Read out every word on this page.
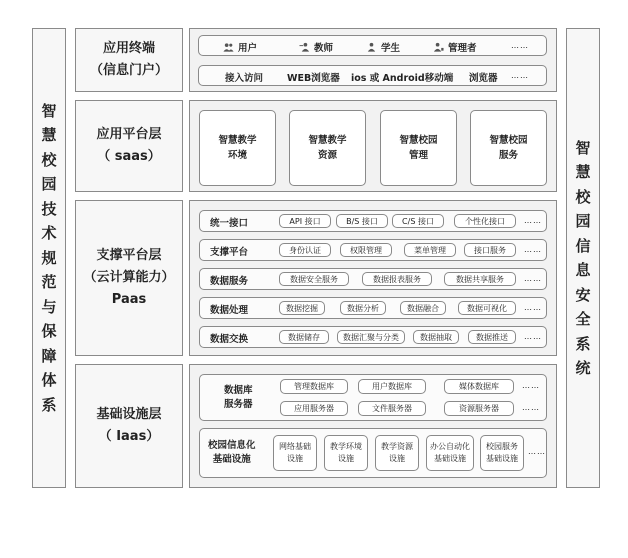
智
慧
校
园
技
术
规
范
与
保
障
体
系
智
慧
校
园
信
息
安
全
系
统
应用终端
（信息门户）
用户	教师	学生	管理者	……
接入访问	WEB浏览器 ios 或 Android移动端 浏览器 ……
应用平台层
（ saas）
智慧教学
环境
智慧教学
资源
智慧校园
管理
智慧校园
服务
支撑平台层
（云计算能力）
Paas
统一接口	API 接口	B/S 接口	C/S 接口	个性化接口	……
支撑平台	身份认证	权限管理	菜单管理	接口服务	……
数据服务	数据安全服务	数据报表服务	数据共享服务	……
数据处理	数据挖掘	数据分析	数据融合	数据可视化	……
数据交换	数据储存	数据汇聚与分类	数据抽取	数据推送	……
基础设施层
（ Iaas）
数据库
服务器
管理数据库	用户数据库	媒体数据库	……
应用服务器	文件服务器	资源服务器	……
校园信息化
基础设施
网络基础
设施
教学环境
设施
教学资源
设施
办公自动化
基础设施
校园服务
基础设施
……
